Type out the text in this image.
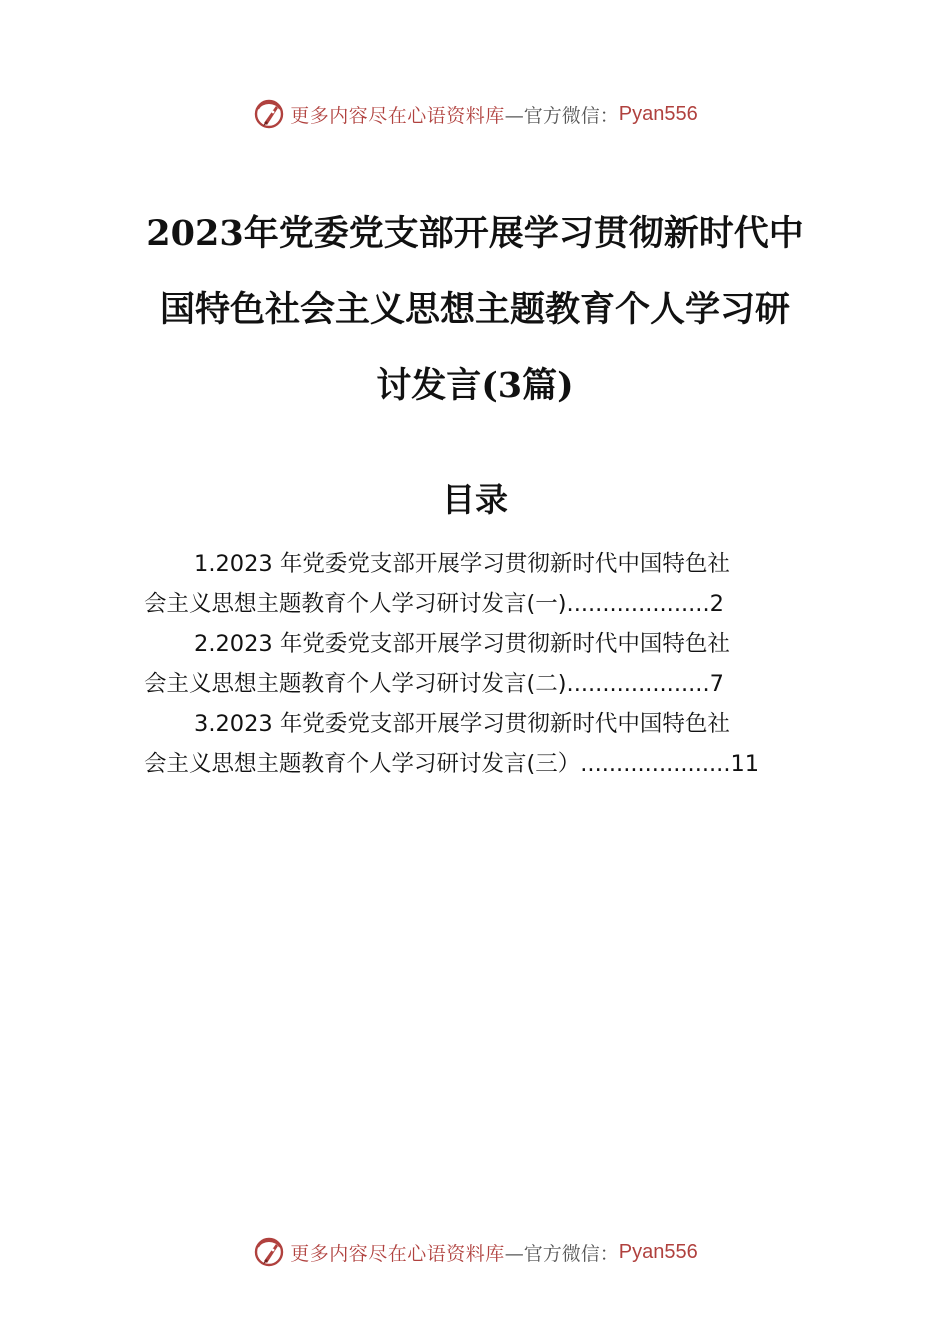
更多内容尽在心语资料库 —官方微信： Pyan556
2023年党委党支部开展学习贯彻新时代中
国特色社会主义思想主题教育个人学习研
讨发言(3篇)
目录
1.2023 年党委党支部开展学习贯彻新时代中国特色社
会主义思想主题教育个人学习研讨发言(一)....................2
2.2023 年党委党支部开展学习贯彻新时代中国特色社
会主义思想主题教育个人学习研讨发言(二)....................7
3.2023 年党委党支部开展学习贯彻新时代中国特色社
会主义思想主题教育个人学习研讨发言(三）.....................11
更多内容尽在心语资料库 —官方微信： Pyan556
